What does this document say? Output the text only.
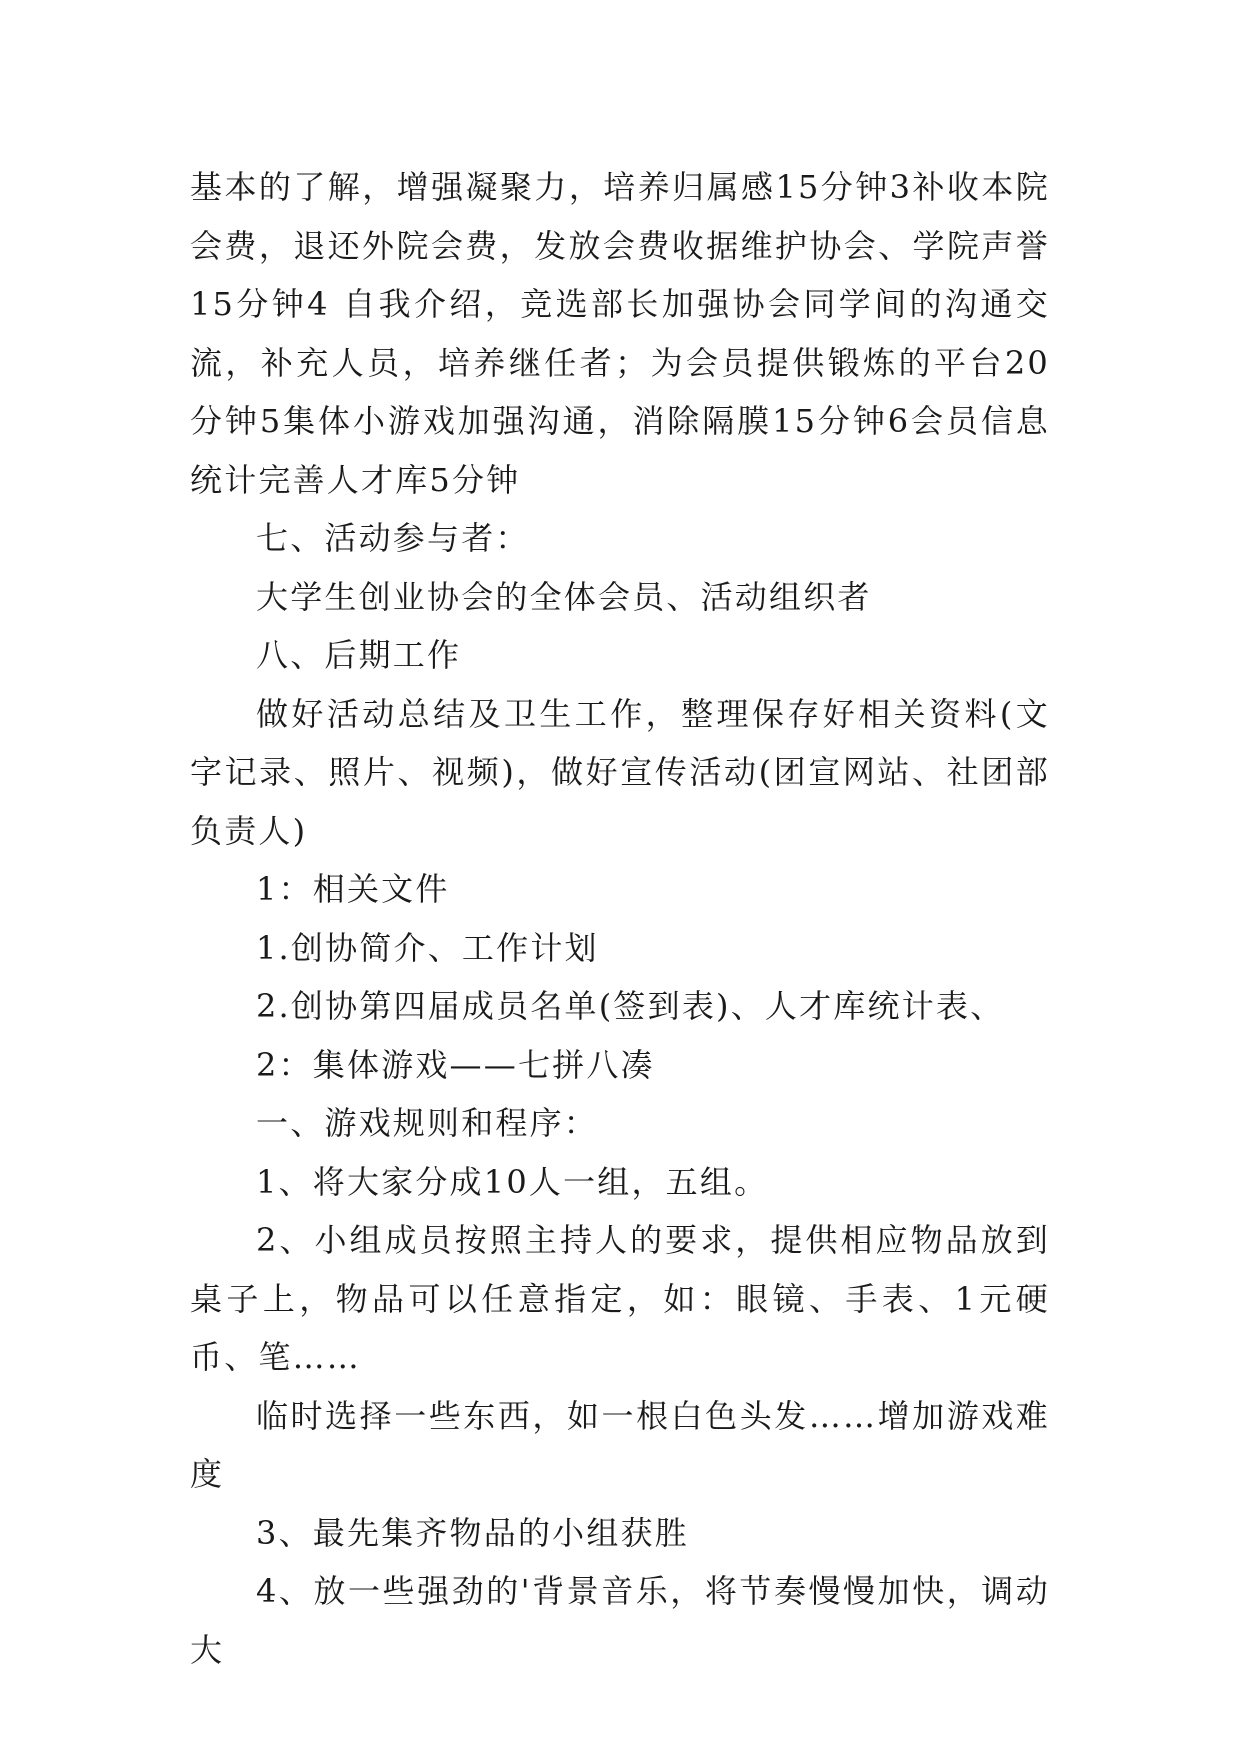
基本的了解，增强凝聚力，培养归属感15分钟3补收本院会费，退还外院会费，发放会费收据维护协会、学院声誉15分钟4 自我介绍，竞选部长加强协会同学间的沟通交流，补充人员，培养继任者；为会员提供锻炼的平台20分钟5集体小游戏加强沟通，消除隔膜15分钟6会员信息统计完善人才库5分钟

七、活动参与者：

大学生创业协会的全体会员、活动组织者

八、后期工作

做好活动总结及卫生工作，整理保存好相关资料(文字记录、照片、视频)，做好宣传活动(团宣网站、社团部负责人)

1：相关文件

1.创协简介、工作计划

2.创协第四届成员名单(签到表)、人才库统计表、

2：集体游戏——七拼八凑

一、游戏规则和程序：

1、将大家分成10人一组，五组。

2、小组成员按照主持人的要求，提供相应物品放到桌子上，物品可以任意指定，如：眼镜、手表、1元硬币、笔……

临时选择一些东西，如一根白色头发……增加游戏难度

3、最先集齐物品的小组获胜

4、放一些强劲的'背景音乐，将节奏慢慢加快，调动大
